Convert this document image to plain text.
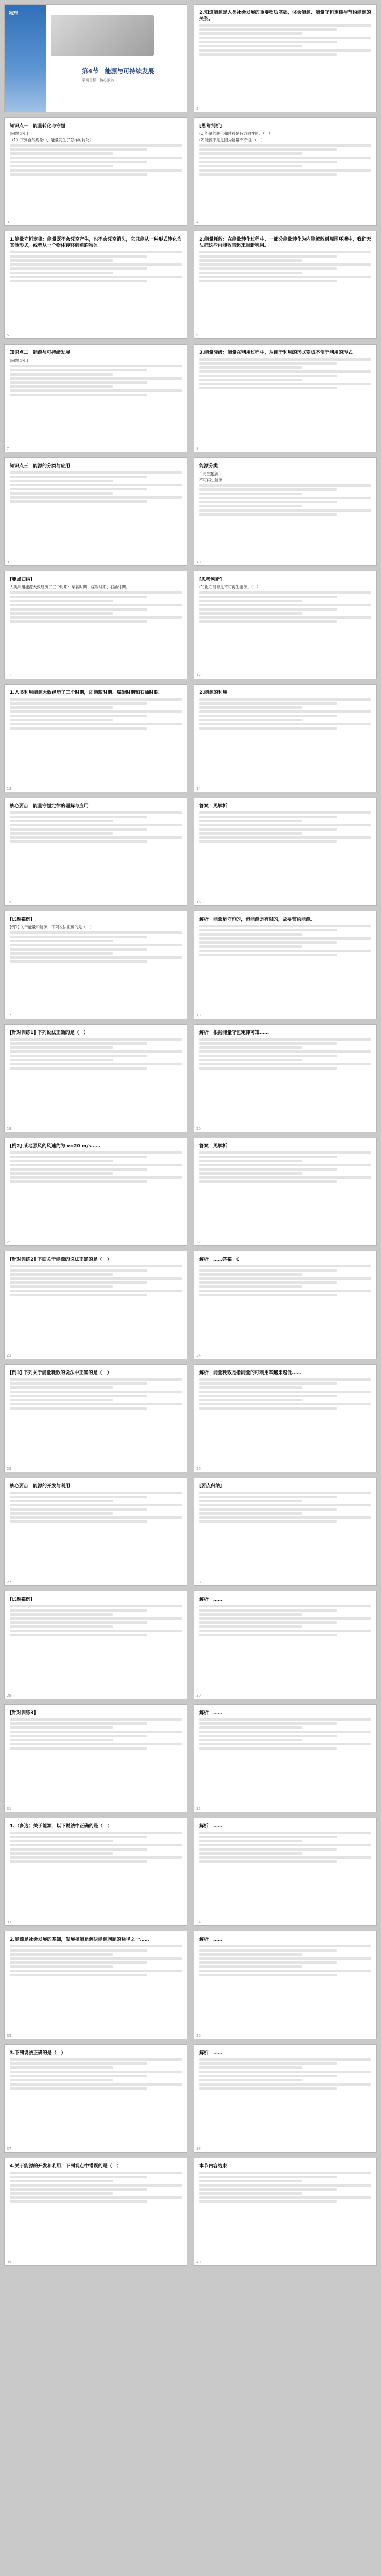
物理
第4节　能源与可持续发展
学习目标 · 核心素养

2.知道能源是人类社会发展的重要物质基础，体会能源、能量守恒定律与节约能源的关系。

2

知识点一　能量转化与守恒

[问题导引]

（1）下列自然现象中，能量发生了怎样的转化？

3

[思考判断]

(1)能量的转化和转移是有方向性的。（　）

(2)能源不足是因为能量不守恒。（　）

4

1.能量守恒定律：能量既不会凭空产生，也不会凭空消失，它只能从一种形式转化为其他形式，或者从一个物体转移到别的物体。

5

2.能量耗散：在能量转化过程中，一部分能量转化为内能流散到周围环境中，我们无法把这些内能收集起来重新利用。

6

知识点二　能源与可持续发展

[问题导引]

7

3.能量降级：能量在利用过程中，从便于利用的形式变成不便于利用的形式。

8

知识点三　能源的分类与应用

9

能源分类

可再生能源

不可再生能源

10

[要点归纳]

人类利用能源大致经历了三个时期：柴薪时期、煤炭时期、石油时期。

11

[思考判断]

(1)化石能源是不可再生能源。（　）

12

1.人类利用能源大致经历了三个时期，即柴薪时期、煤炭时期和石油时期。

13

2.能源的利用

14

核心要点　能量守恒定律的理解与应用

15

答案　见解析

16

[试题案例]

[例1] 关于能量和能源，下列说法正确的是（　）

17

解析　能量是守恒的，但能源是有限的，故要节约能源。

18

[针对训练1] 下列说法正确的是（　）

19

解析　根据能量守恒定律可知……

20

[例2] 某地强风的风速约为 v=20 m/s……

21

答案　见解析

22

[针对训练2] 下面关于能源的说法正确的是（　）

23

解析　……答案　C

24

[例3] 下列关于能量耗散的说法中正确的是（　）

25

解析　能量耗散是指能量的可利用率越来越低……

26

核心要点　能源的开发与利用

27

[要点归纳]

28

[试题案例]

29

解析　……

30

[针对训练3]

31

解析　……

32

1.（多选）关于能源，以下说法中正确的是（　）

33

解析　……

34

2.能源是社会发展的基础，发展核能是解决能源问题的途径之一……

35

解析　……

36

3.下列说法正确的是（　）

37

解析　……

38

4.关于能源的开发和利用，下列观点中错误的是（　）

39

本节内容结束

40
